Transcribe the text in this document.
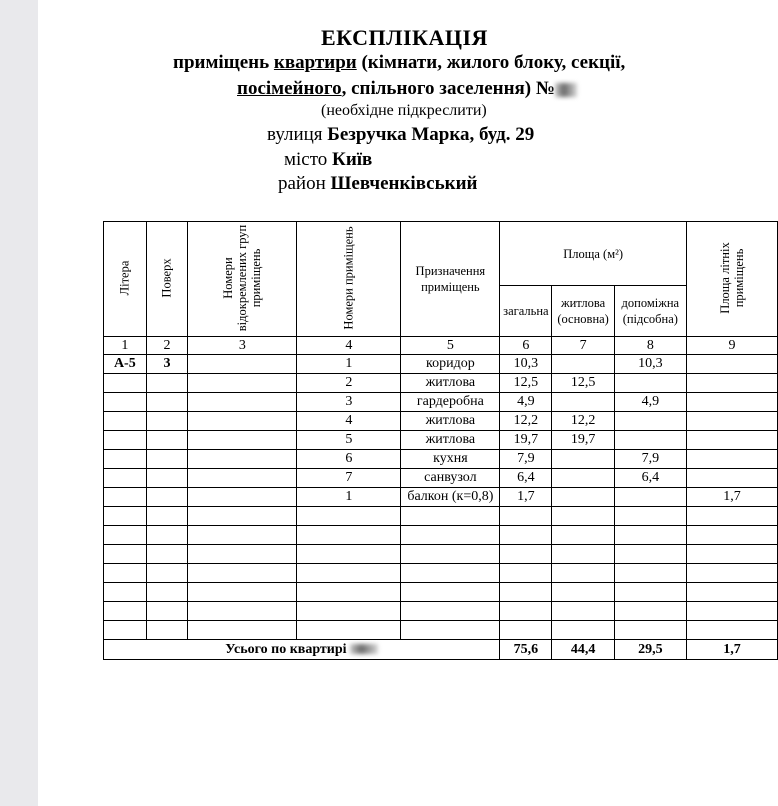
ЕКСПЛІКАЦІЯ
приміщень квартири (кімнати, жилого блоку, секції,
посімейного, спільного заселення) №
(необхідне підкреслити)
вулиця Безручка Марка, буд. 29
місто Київ
район Шевченківський
Літера	Поверх	Номери відокремлених груп приміщень	Номери приміщень	Призначення приміщень	Площа (м²)			Площа літніх приміщень
					загальна	житлова (основна)	допоміжна (підсобна)	
1	2	3	4	5	6	7	8	9
А-5	3		1	коридор	10,3		10,3	
			2	житлова	12,5	12,5		
			3	гардеробна	4,9		4,9	
			4	житлова	12,2	12,2		
			5	житлова	19,7	19,7		
			6	кухня	7,9		7,9	
			7	санвузол	6,4		6,4	
			1	балкон (к=0,8)	1,7			1,7

Усього по квартирі					75,6	44,4	29,5	1,7
